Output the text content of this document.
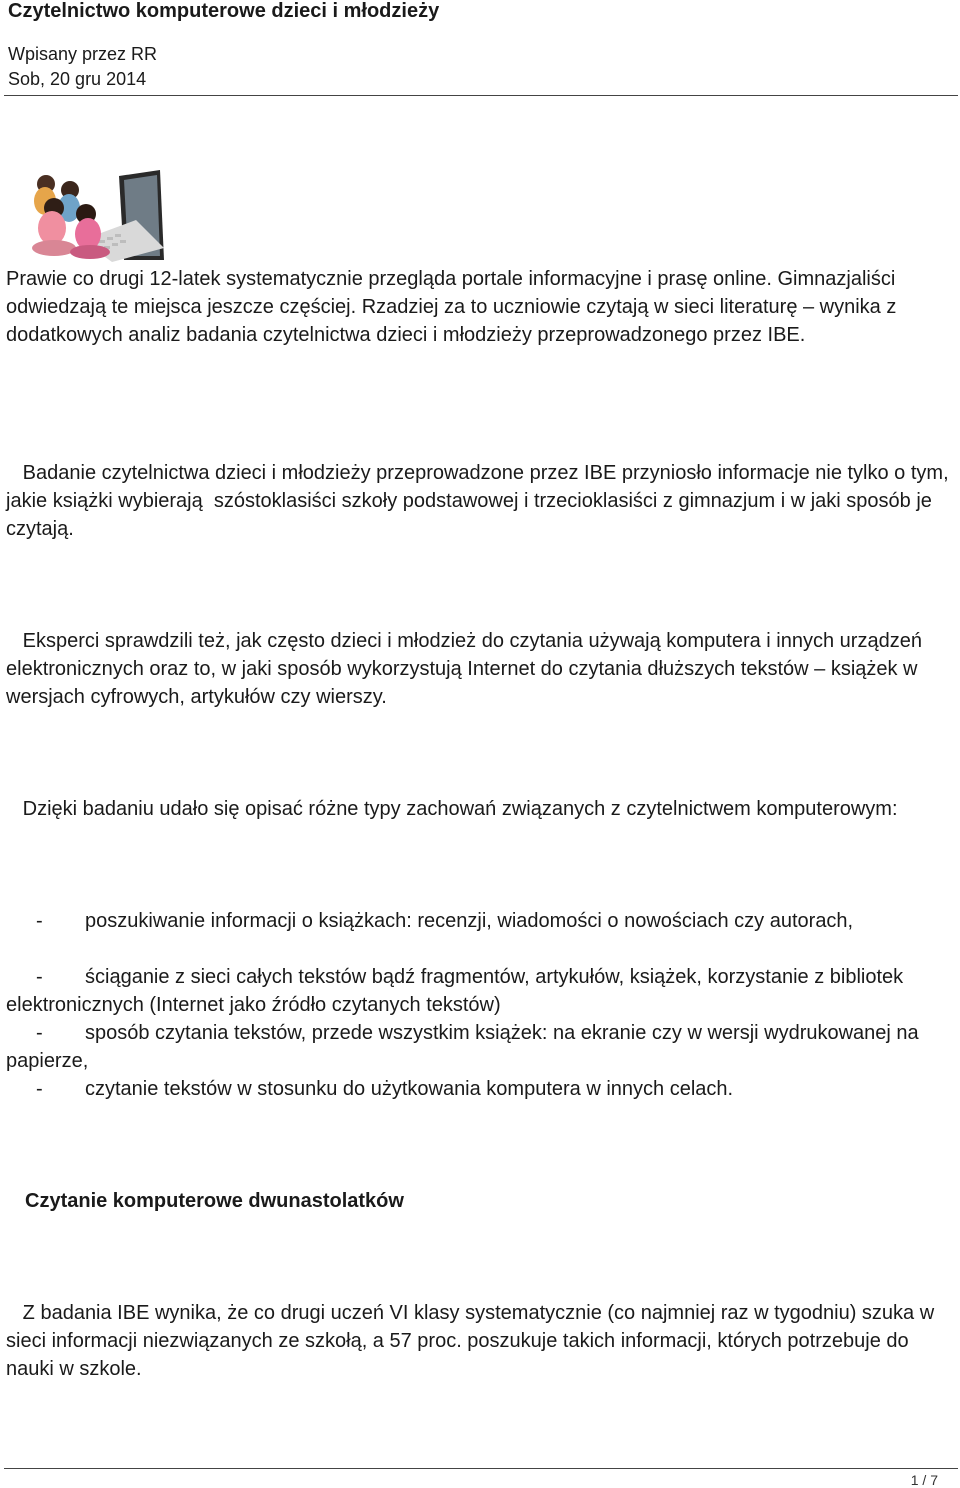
Czytelnictwo komputerowe dzieci i młodzieży
Wpisany przez RR
Sob, 20 gru 2014
Prawie co drugi 12-latek systematycznie przegląda portale informacyjne i prasę online. Gimnazjaliści odwiedzają te miejsca jeszcze częściej. Rzadziej za to uczniowie czytają w sieci literaturę – wynika z dodatkowych analiz badania czytelnictwa dzieci i młodzieży przeprowadzonego przez IBE.
Badanie czytelnictwa dzieci i młodzieży przeprowadzone przez IBE przyniosło informacje nie tylko o tym, jakie książki wybierają  szóstoklasiści szkoły podstawowej i trzecioklasiści z gimnazjum i w jaki sposób je czytają.
Eksperci sprawdzili też, jak często dzieci i młodzież do czytania używają komputera i innych urządzeń elektronicznych oraz to, w jaki sposób wykorzystują Internet do czytania dłuższych tekstów – książek w wersjach cyfrowych, artykułów czy wierszy.
Dzięki badaniu udało się opisać różne typy zachowań związanych z czytelnictwem komputerowym:
-	poszukiwanie informacji o książkach: recenzji, wiadomości o nowościach czy autorach,
-	ściąganie z sieci całych tekstów bądź fragmentów, artykułów, książek, korzystanie z bibliotek elektronicznych (Internet jako źródło czytanych tekstów)
-	sposób czytania tekstów, przede wszystkim książek: na ekranie czy w wersji wydrukowanej na papierze,
-	czytanie tekstów w stosunku do użytkowania komputera w innych celach.
Czytanie komputerowe dwunastolatków
Z badania IBE wynika, że co drugi uczeń VI klasy systematycznie (co najmniej raz w tygodniu) szuka w sieci informacji niezwiązanych ze szkołą, a 57 proc. poszukuje takich informacji, których potrzebuje do nauki w szkole.
1 / 7
